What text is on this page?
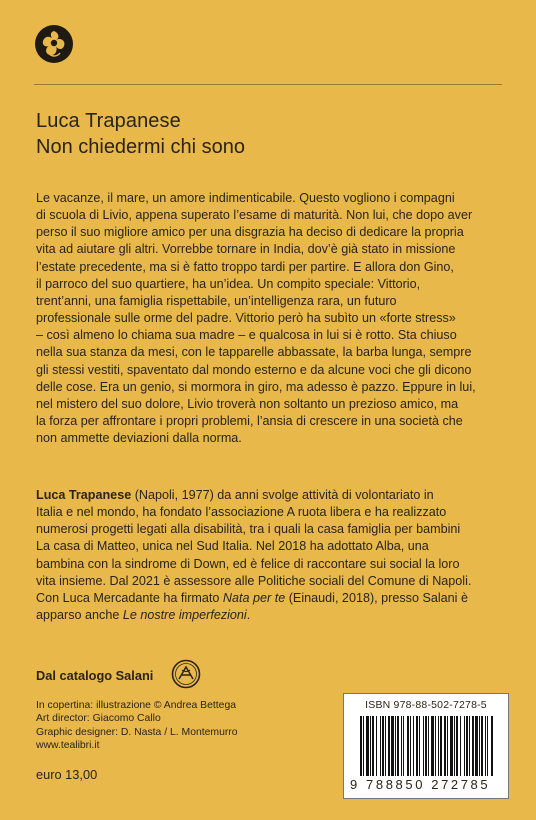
Luca Trapanese
Non chiedermi chi sono
Le vacanze, il mare, un amore indimenticabile. Questo vogliono i compagni
di scuola di Livio, appena superato l’esame di maturità. Non lui, che dopo aver
perso il suo migliore amico per una disgrazia ha deciso di dedicare la propria
vita ad aiutare gli altri. Vorrebbe tornare in India, dov’è già stato in missione
l’estate precedente, ma si è fatto troppo tardi per partire. E allora don Gino,
il parroco del suo quartiere, ha un’idea. Un compito speciale: Vittorio,
trent’anni, una famiglia rispettabile, un’intelligenza rara, un futuro
professionale sulle orme del padre. Vittorio però ha subìto un «forte stress»
– così almeno lo chiama sua madre – e qualcosa in lui si è rotto. Sta chiuso
nella sua stanza da mesi, con le tapparelle abbassate, la barba lunga, sempre
gli stessi vestiti, spaventato dal mondo esterno e da alcune voci che gli dicono
delle cose. Era un genio, si mormora in giro, ma adesso è pazzo. Eppure in lui,
nel mistero del suo dolore, Livio troverà non soltanto un prezioso amico, ma
la forza per affrontare i propri problemi, l’ansia di crescere in una società che
non ammette deviazioni dalla norma.
Luca Trapanese (Napoli, 1977) da anni svolge attività di volontariato in
Italia e nel mondo, ha fondato l’associazione A ruota libera e ha realizzato
numerosi progetti legati alla disabilità, tra i quali la casa famiglia per bambini
La casa di Matteo, unica nel Sud Italia. Nel 2018 ha adottato Alba, una
bambina con la sindrome di Down, ed è felice di raccontare sui social la loro
vita insieme. Dal 2021 è assessore alle Politiche sociali del Comune di Napoli.
Con Luca Mercadante ha firmato Nata per te (Einaudi, 2018), presso Salani è
apparso anche Le nostre imperfezioni.
Dal catalogo Salani
In copertina: illustrazione © Andrea Bettega
Art director: Giacomo Callo
Graphic designer: D. Nasta / L. Montemurro
www.tealibri.it
euro 13,00
ISBN 978-88-502-7278-5
9 788850 272785
